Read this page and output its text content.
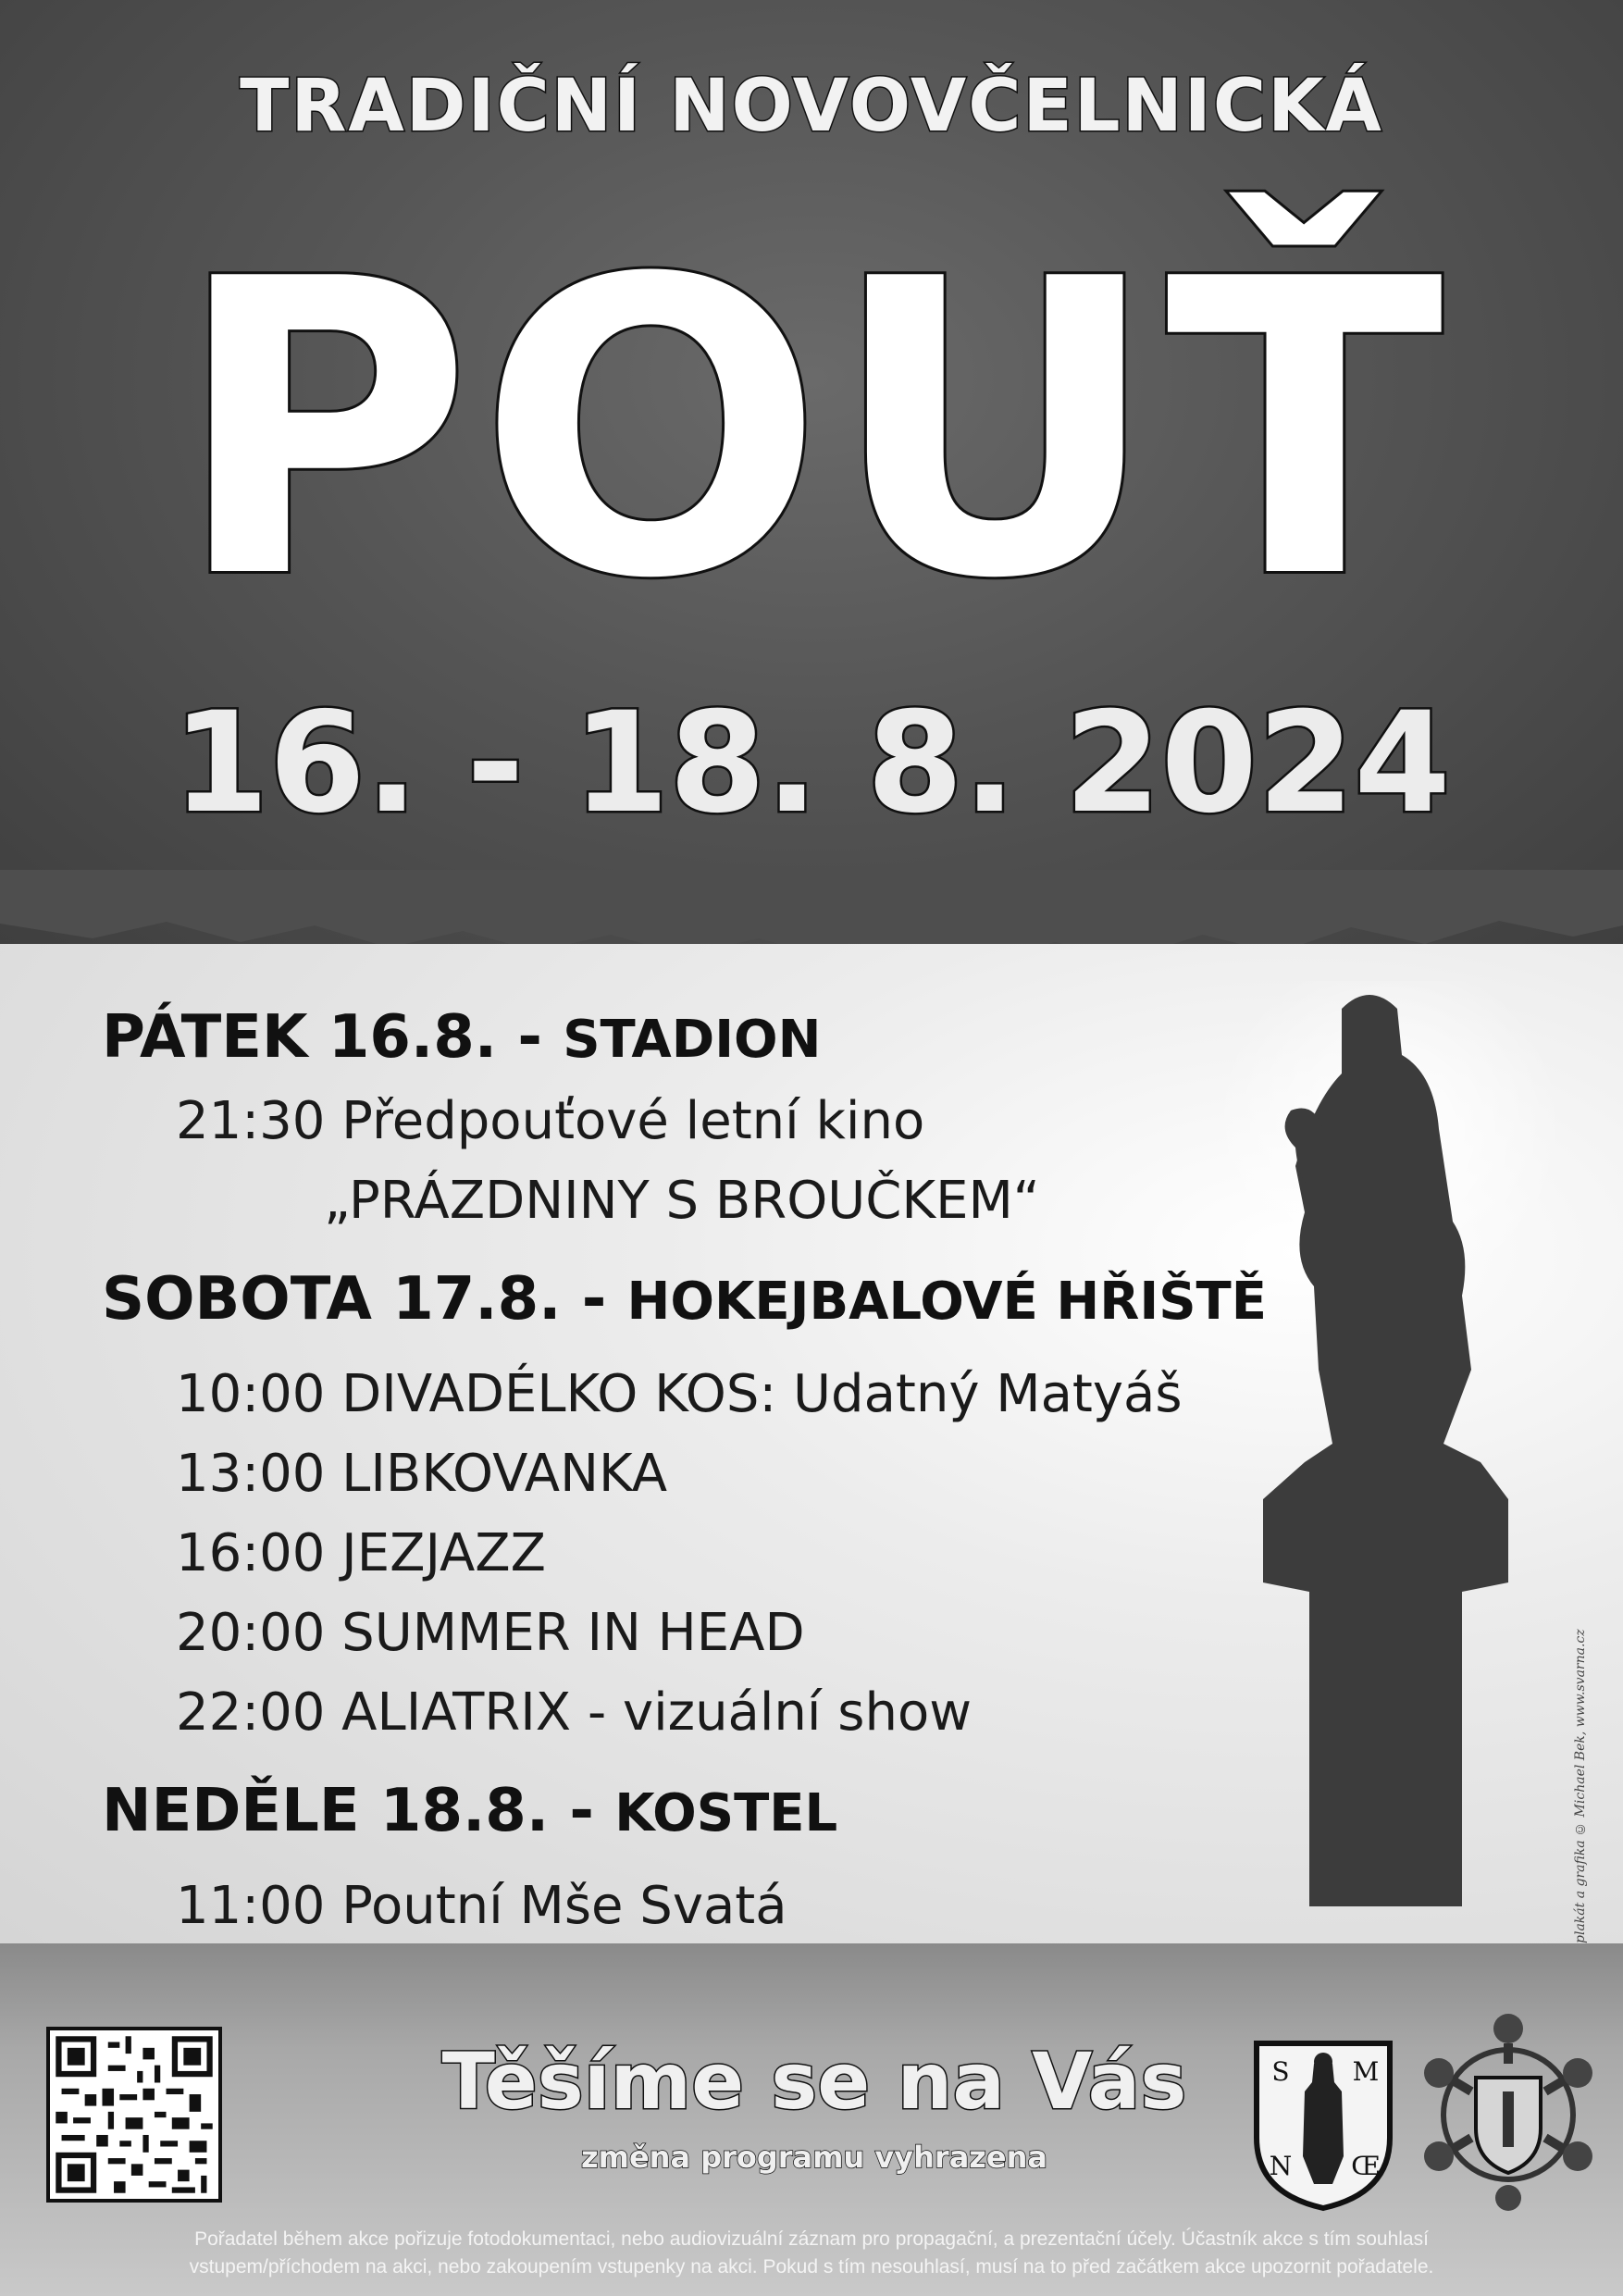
TRADIČNÍ NOVOVČELNICKÁ
POUŤ
16. - 18. 8. 2024
plakát a grafika © Michael Bek, www.svarna.cz
PÁTEK 16.8. - STADION
21:30 Předpouťové letní kino
„PRÁZDNINY S BROUČKEM“
SOBOTA 17.8. - HOKEJBALOVÉ HŘIŠTĚ
10:00 DIVADÉLKO KOS: Udatný Matyáš
13:00 LIBKOVANKA
16:00 JEZJAZZ
20:00 SUMMER IN HEAD
22:00 ALIATRIX - vizuální show
NEDĚLE 18.8. - KOSTEL
11:00 Poutní Mše Svatá
Těšíme se na Vás
změna programu vyhrazena
S M
N Œ
Pořadatel během akce pořizuje fotodokumentaci, nebo audiovizuální záznam pro propagační, a prezentační účely. Účastník akce s tím souhlasí
vstupem/příchodem na akci, nebo zakoupením vstupenky na akci. Pokud s tím nesouhlasí, musí na to před začátkem akce upozornit pořadatele.
